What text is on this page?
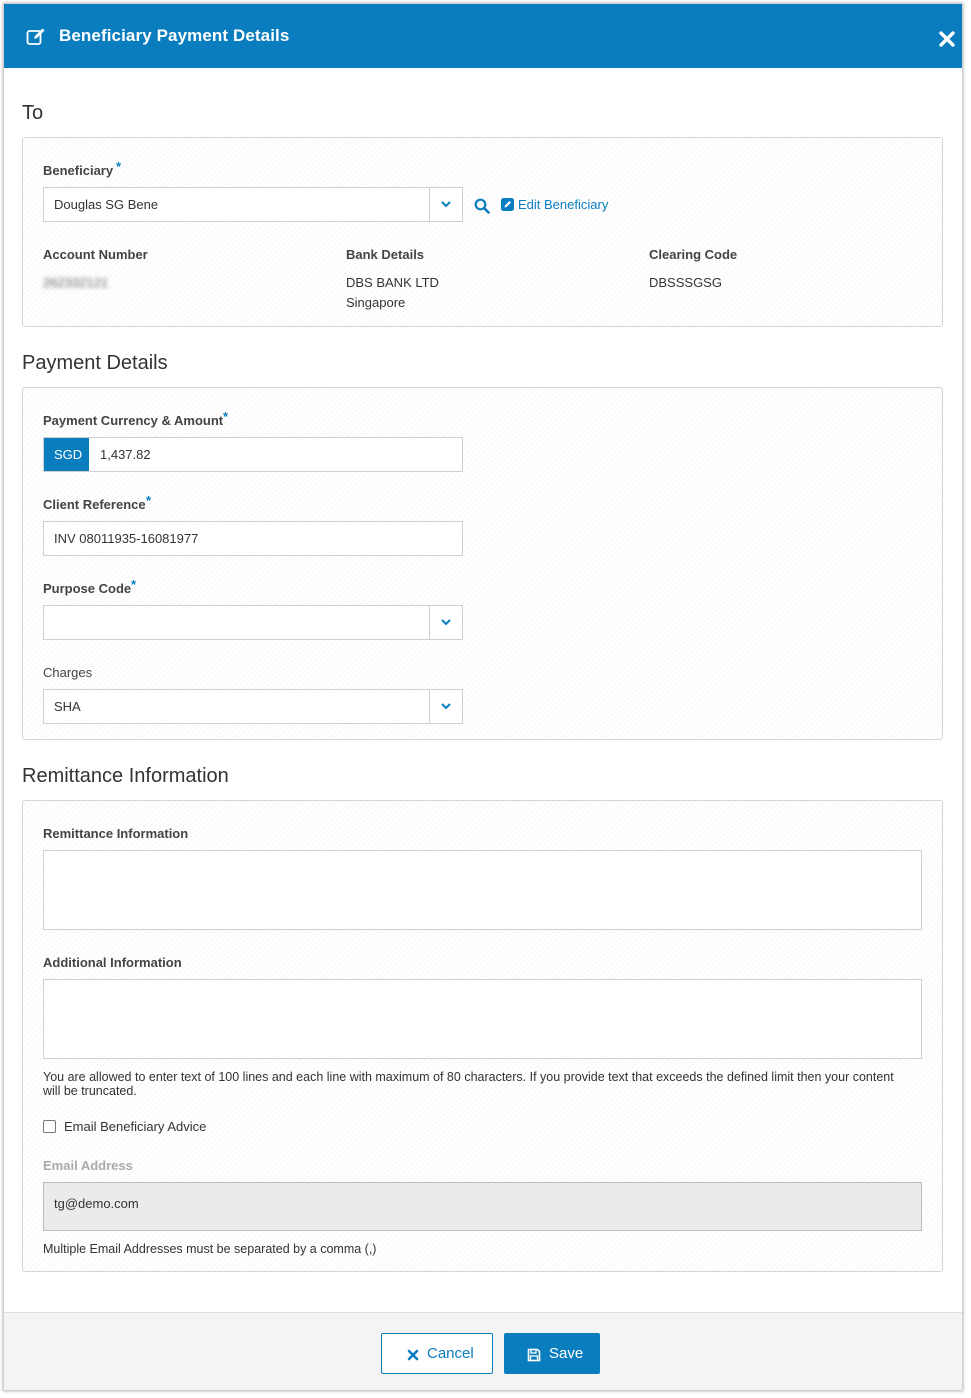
Beneficiary Payment Details
To
Beneficiary *
Douglas SG Bene	Edit Beneficiary
Account Number
262332121
Bank Details
DBS BANK LTD
Singapore
Clearing Code
DBSSSGSG
Payment Details
Payment Currency & Amount *
SGD 1,437.82
Client Reference *
INV 08011935-16081977
Purpose Code *
Charges
SHA
Remittance Information
Remittance Information
Additional Information
You are allowed to enter text of 100 lines and each line with maximum of 80 characters. If you provide text that exceeds the defined limit then your content will be truncated.
Email Beneficiary Advice
Email Address
tg@demo.com
Multiple Email Addresses must be separated by a comma (,)
Cancel	Save
